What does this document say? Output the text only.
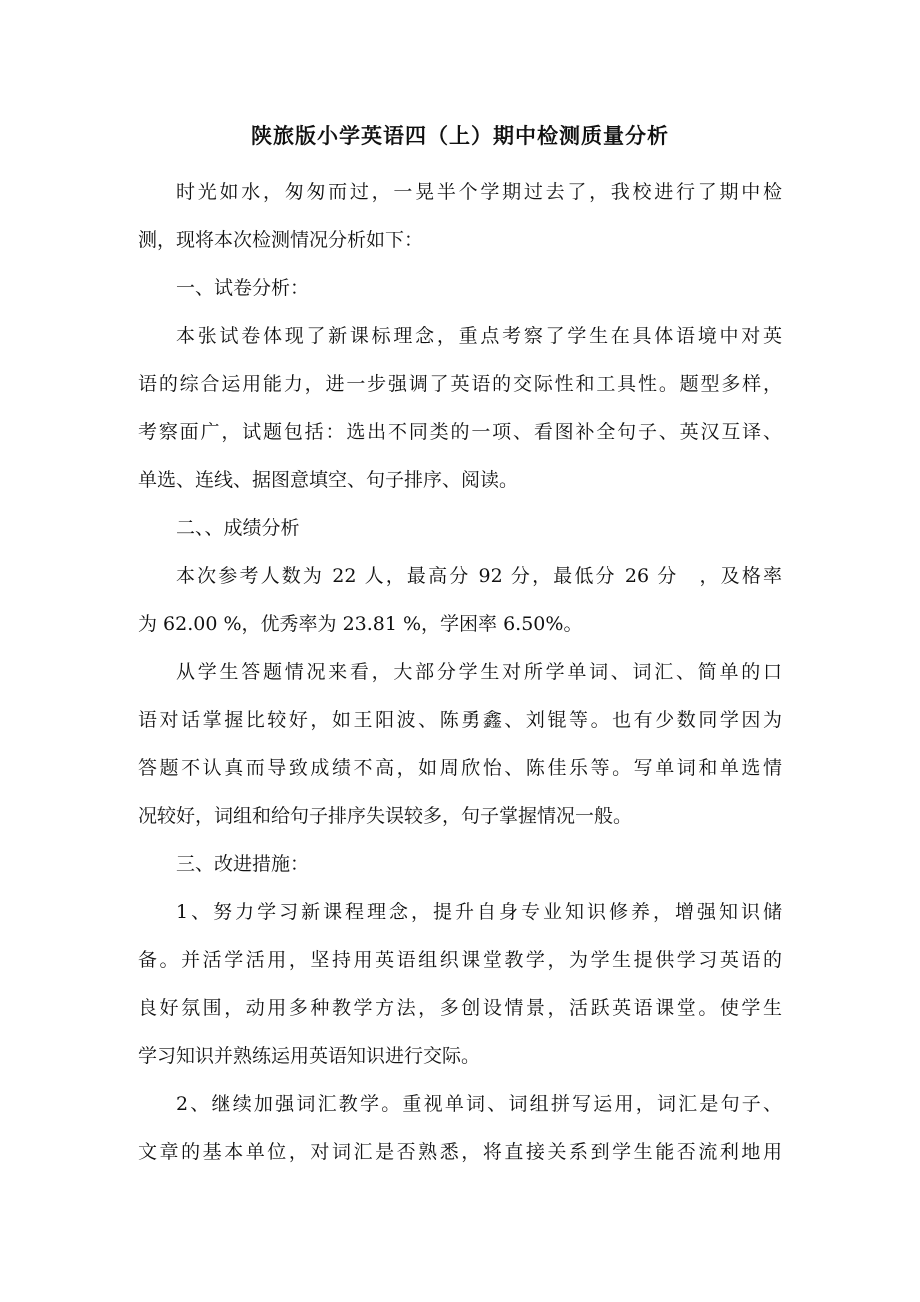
陕旅版小学英语四（上）期中检测质量分析
时光如水，匆匆而过，一晃半个学期过去了，我校进行了期中检
测，现将本次检测情况分析如下：
一、试卷分析：
本张试卷体现了新课标理念，重点考察了学生在具体语境中对英
语的综合运用能力，进一步强调了英语的交际性和工具性。题型多样，
考察面广，试题包括：选出不同类的一项、看图补全句子、英汉互译、
单选、连线、据图意填空、句子排序、阅读。
二、、成绩分析
本次参考人数为 22 人，最高分 92 分，最低分 26 分　，及格率
为 62.00 %，优秀率为 23.81 %，学困率 6.50%。
从学生答题情况来看，大部分学生对所学单词、词汇、简单的口
语对话掌握比较好，如王阳波、陈勇鑫、刘锟等。也有少数同学因为
答题不认真而导致成绩不高，如周欣怡、陈佳乐等。写单词和单选情
况较好，词组和给句子排序失误较多，句子掌握情况一般。
三、改进措施：
1、努力学习新课程理念，提升自身专业知识修养，增强知识储
备。并活学活用，坚持用英语组织课堂教学，为学生提供学习英语的
良好氛围，动用多种教学方法，多创设情景，活跃英语课堂。使学生
学习知识并熟练运用英语知识进行交际。
2、继续加强词汇教学。重视单词、词组拼写运用，词汇是句子、
文章的基本单位，对词汇是否熟悉，将直接关系到学生能否流利地用
